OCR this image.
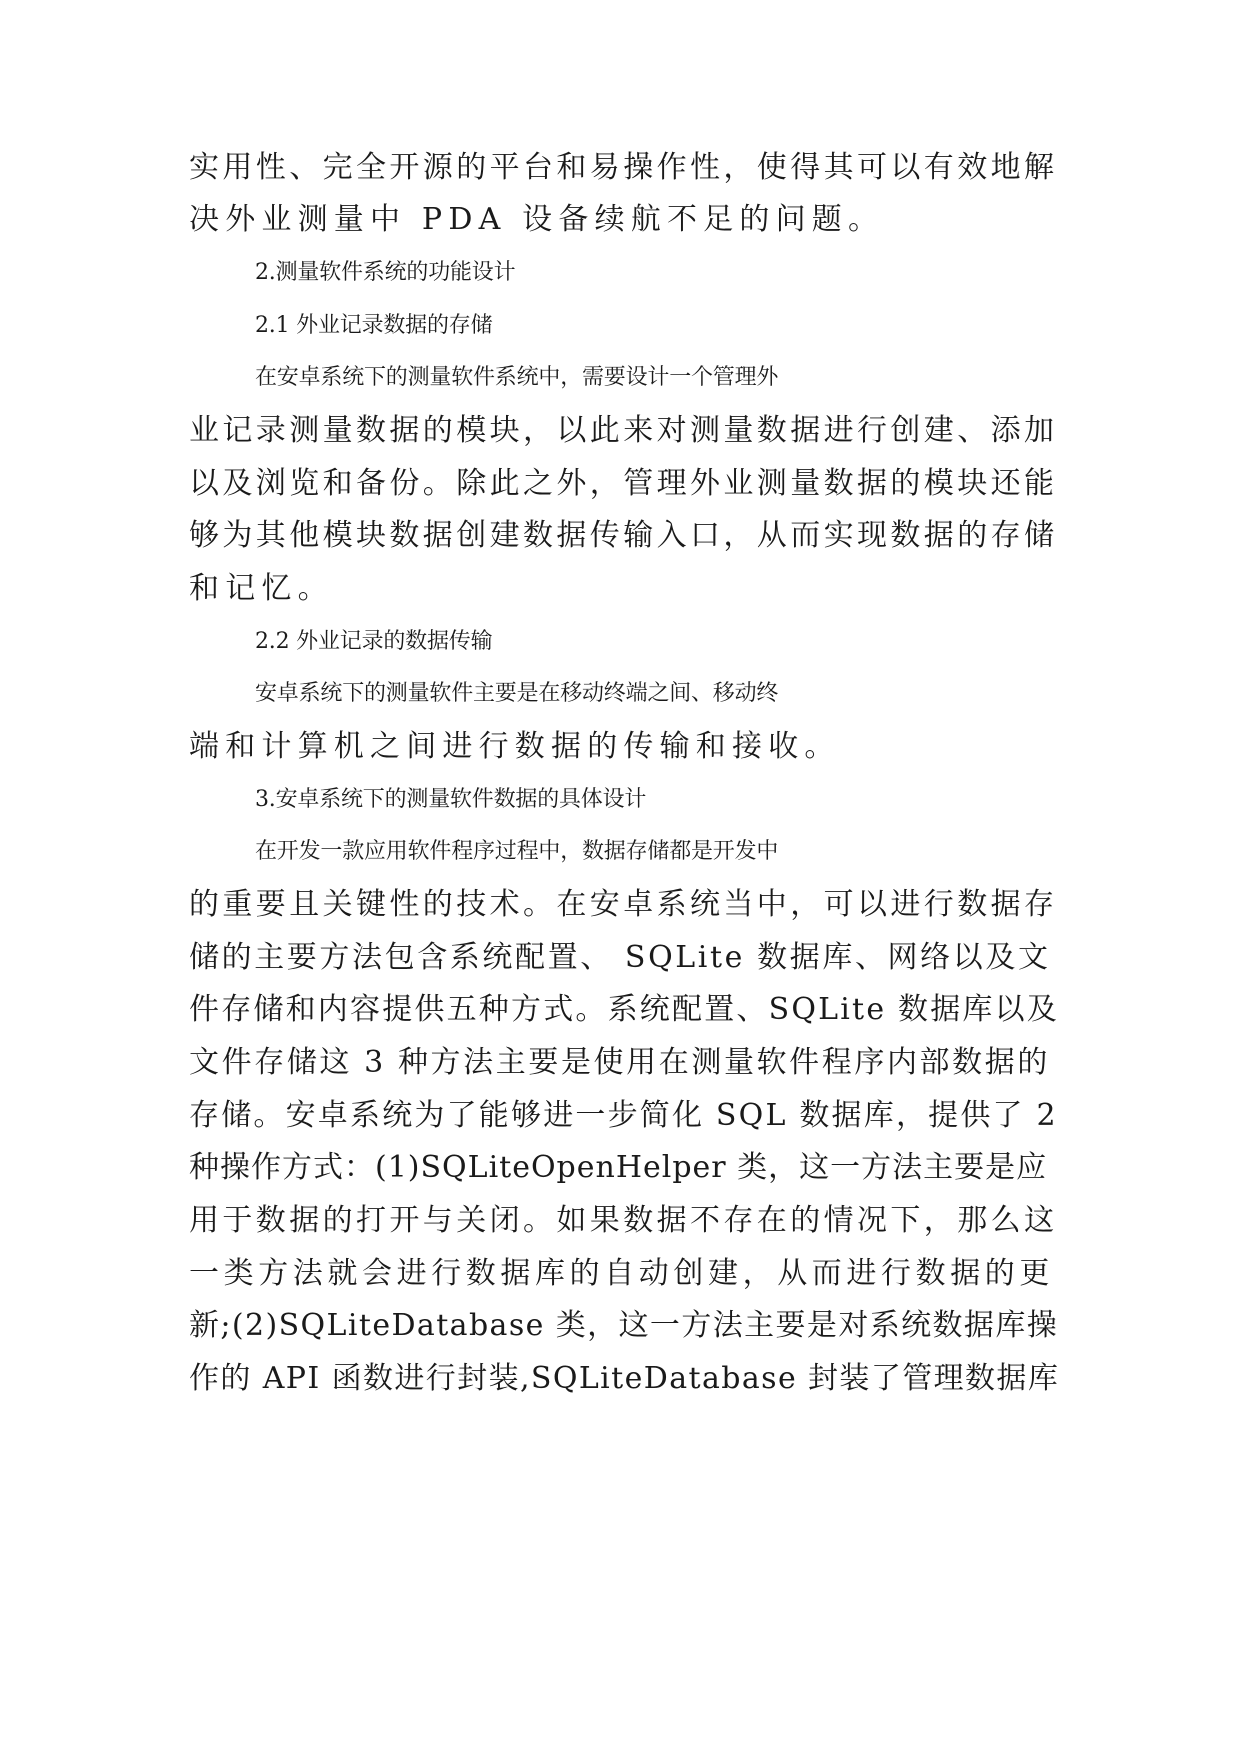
实用性、完全开源的平台和易操作性，使得其可以有效地解
决外业测量中 PDA 设备续航不足的问题。
2.测量软件系统的功能设计
2.1 外业记录数据的存储
在安卓系统下的测量软件系统中，需要设计一个管理外
业记录测量数据的模块，以此来对测量数据进行创建、添加
以及浏览和备份。除此之外，管理外业测量数据的模块还能
够为其他模块数据创建数据传输入口，从而实现数据的存储
和记忆。
2.2 外业记录的数据传输
安卓系统下的测量软件主要是在移动终端之间、移动终
端和计算机之间进行数据的传输和接收。
3.安卓系统下的测量软件数据的具体设计
在开发一款应用软件程序过程中，数据存储都是开发中
的重要且关键性的技术。在安卓系统当中，可以进行数据存
储的主要方法包含系统配置、 SQLite 数据库、网络以及文
件存储和内容提供五种方式。系统配置、SQLite 数据库以及
文件存储这 3 种方法主要是使用在测量软件程序内部数据的
存储。安卓系统为了能够进一步简化 SQL 数据库，提供了 2
种操作方式：(1)SQLiteOpenHelper 类，这一方法主要是应
用于数据的打开与关闭。如果数据不存在的情况下，那么这
一类方法就会进行数据库的自动创建，从而进行数据的更
新;(2)SQLiteDatabase 类，这一方法主要是对系统数据库操
作的 API 函数进行封装,SQLiteDatabase 封装了管理数据库
